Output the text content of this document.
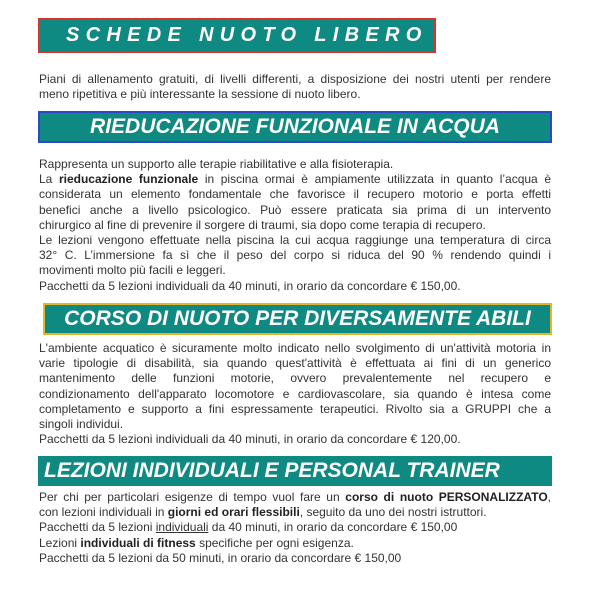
SCHEDE NUOTO LIBERO
Piani di allenamento gratuiti, di livelli differenti, a disposizione dei nostri utenti per rendere
meno ripetitiva e più interessante la sessione di nuoto libero.
RIEDUCAZIONE FUNZIONALE IN ACQUA
Rappresenta un supporto alle terapie riabilitative e alla fisioterapia.
La rieducazione funzionale in piscina ormai è ampiamente utilizzata in quanto l’acqua è
considerata un elemento fondamentale che favorisce il recupero motorio e porta effetti
benefici anche a livello psicologico. Può essere praticata sia prima di un intervento
chirurgico al fine di prevenire il sorgere di traumi, sia dopo come terapia di recupero.
Le lezioni vengono effettuate nella piscina la cui acqua raggiunge una temperatura di circa
32° C. L’immersione fa sì che il peso del corpo si riduca del 90 % rendendo quindi i
movimenti molto più facili e leggeri.
Pacchetti da 5 lezioni individuali da 40 minuti, in orario da concordare € 150,00.
CORSO DI NUOTO PER DIVERSAMENTE ABILI
L'ambiente acquatico è sicuramente molto indicato nello svolgimento di un'attività motoria in
varie tipologie di disabilità, sia quando quest'attività è effettuata ai fini di un generico
mantenimento delle funzioni motorie, ovvero prevalentemente nel recupero e
condizionamento dell'apparato locomotore e cardiovascolare, sia quando è intesa come
completamento e supporto a fini espressamente terapeutici. Rivolto sia a GRUPPI che a
singoli individui.
Pacchetti da 5 lezioni individuali da 40 minuti, in orario da concordare € 120,00.
LEZIONI INDIVIDUALI E PERSONAL TRAINER
Per chi per particolari esigenze di tempo vuol fare un corso di nuoto PERSONALIZZATO,
con lezioni individuali in giorni ed orari flessibili, seguito da uno dei nostri istruttori.
Pacchetti da 5 lezioni individuali da 40 minuti, in orario da concordare € 150,00
Lezioni individuali di fitness specifiche per ogni esigenza.
Pacchetti da 5 lezioni da 50 minuti, in orario da concordare € 150,00
